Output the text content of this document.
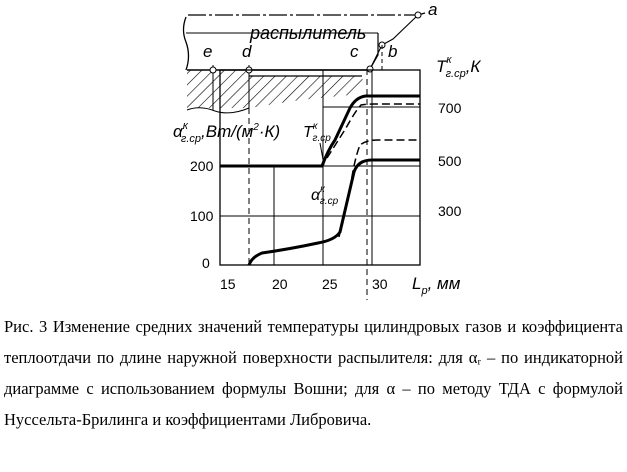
a
распылитель
e d	c b
$\alpha^к$ $г.ср,Вт/(м^2\cdot К)$
200
100
0
$T^к$ г.ср,К
700
500
300
15	20 25 30 $L_р$, мм
$T^к$ г.ср
$\alpha^к$ г.ср

Рис. 3 Изменение средних значений температуры цилиндровых газов и коэффициента теплоотдачи по длине наружной поверхности распылителя: для αᵣ – по индикаторной диаграмме с использованием формулы Вошни; для α – по методу ТДА с формулой Нуссельта-Брилинга и коэффициентами Либровича.
